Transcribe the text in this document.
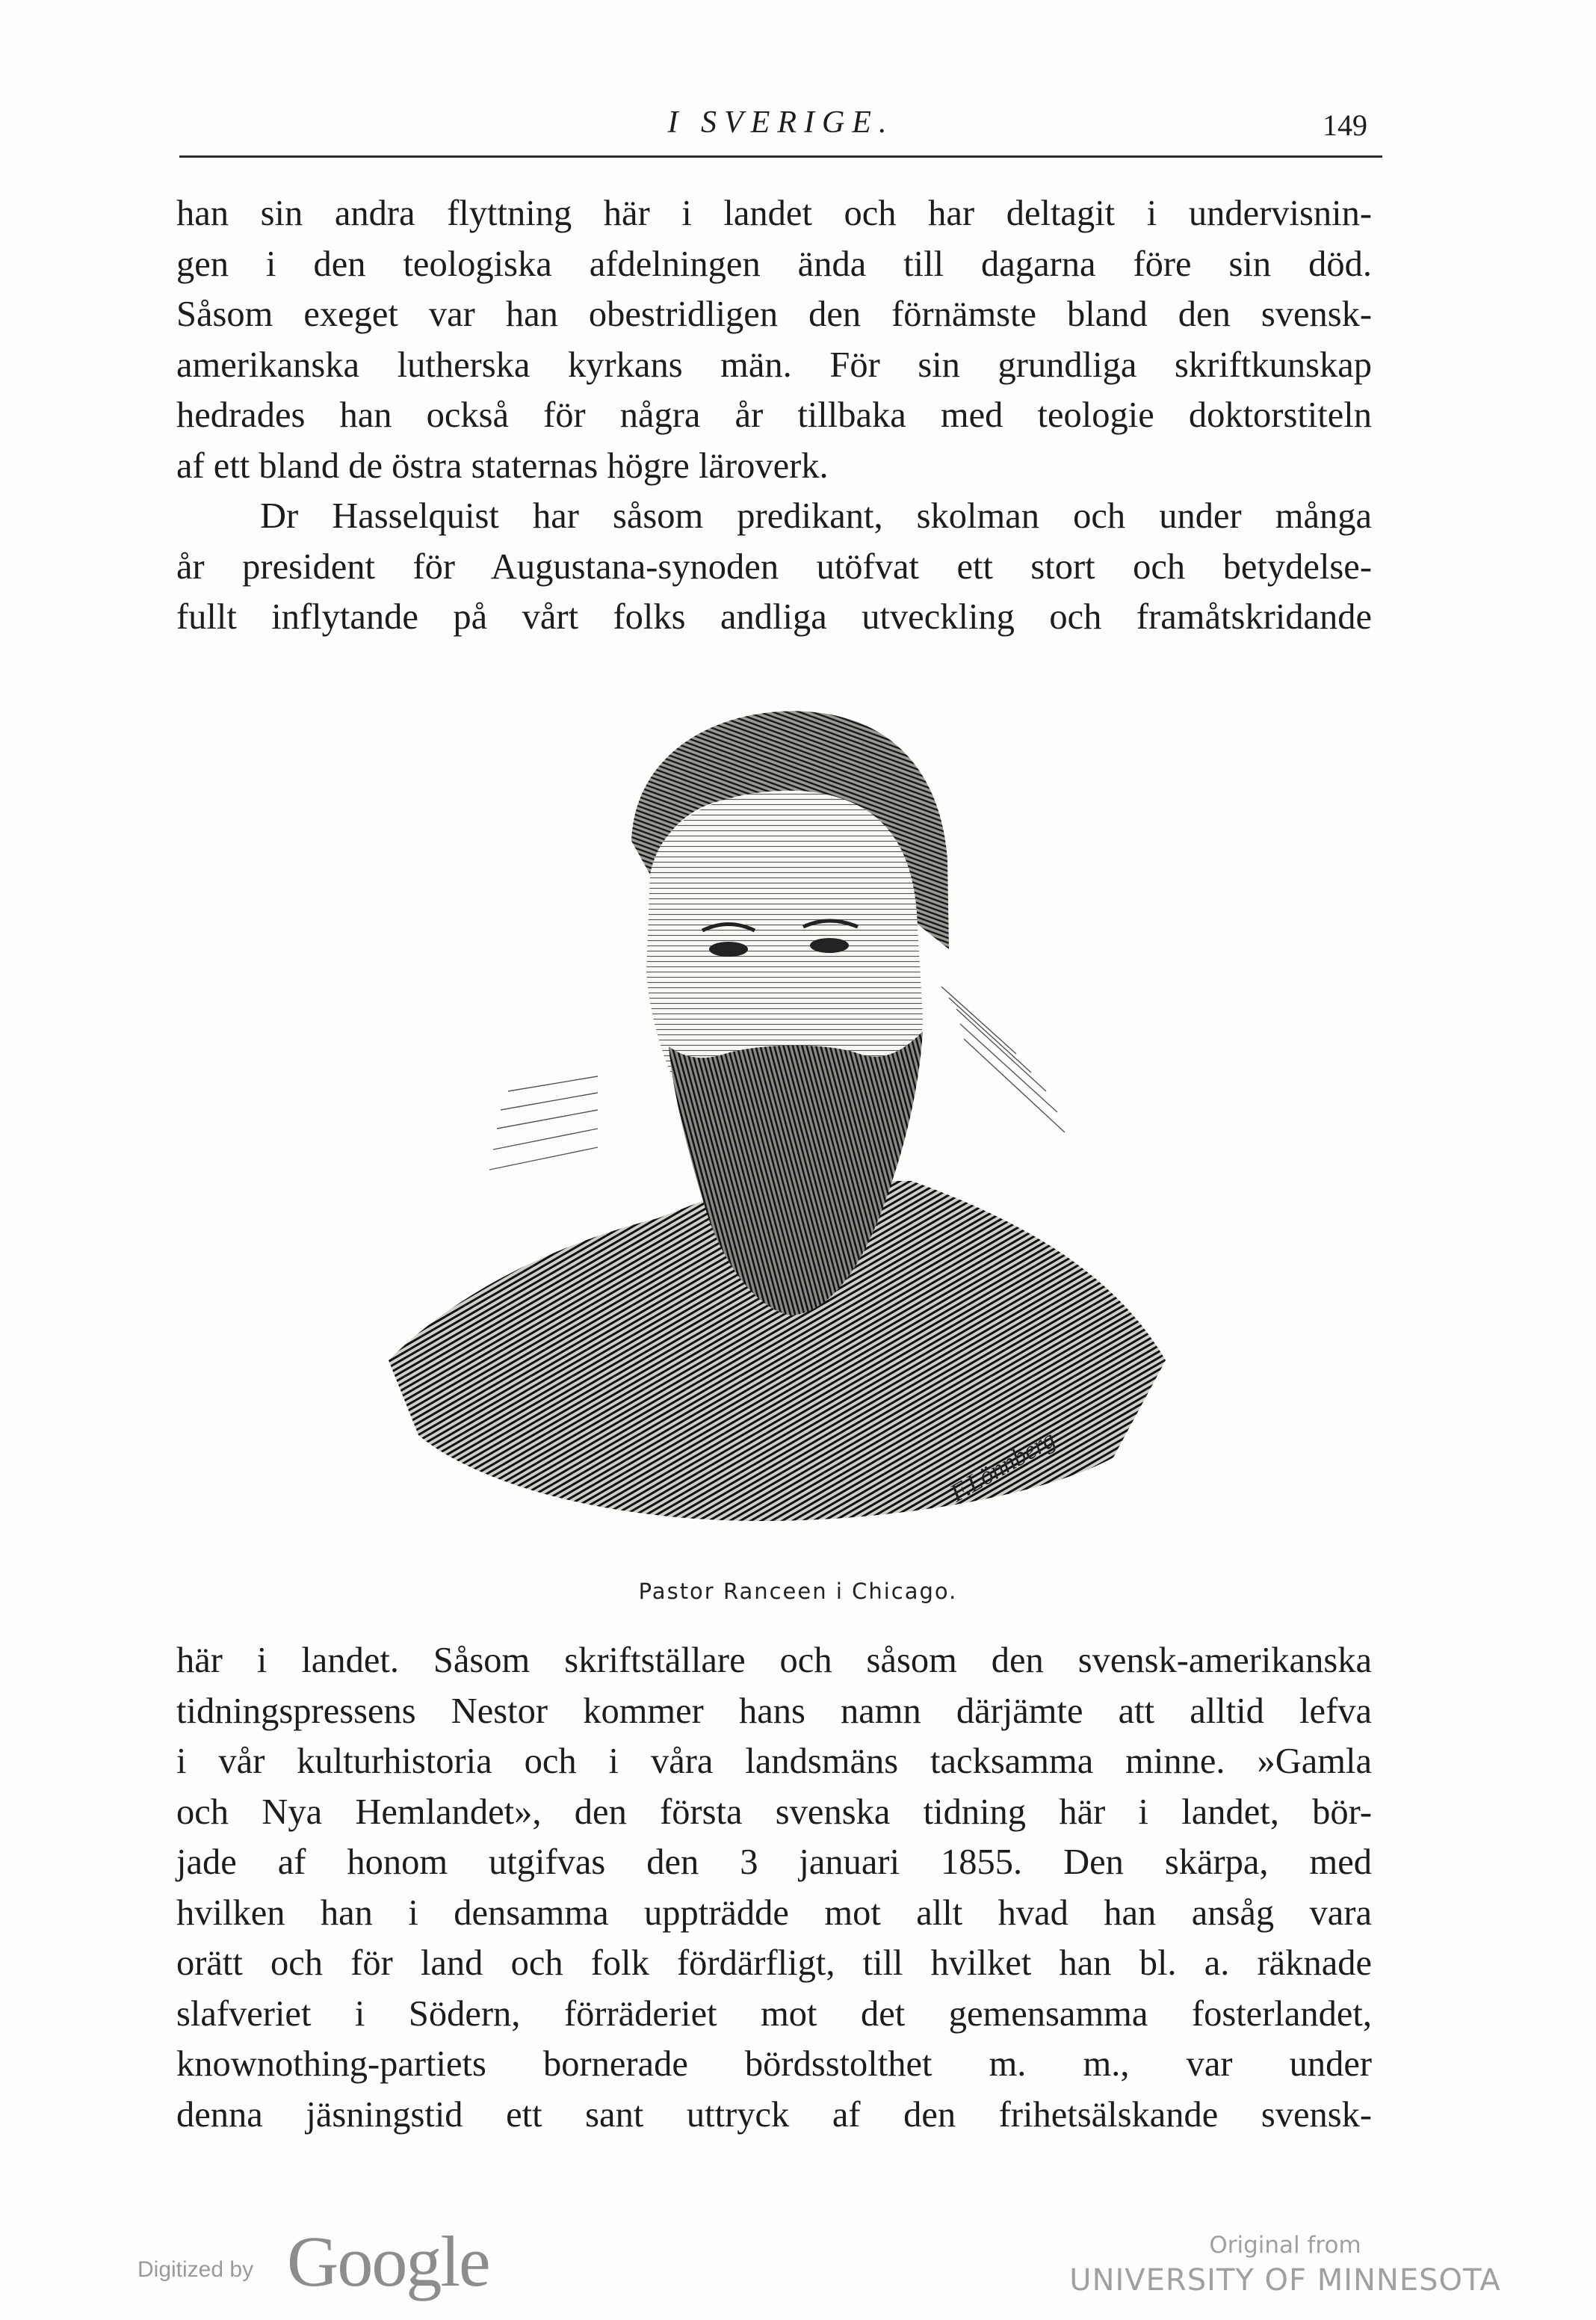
I SVERIGE.	149
han sin andra flyttning här i landet och har deltagit i undervisnin-
gen i den teologiska afdelningen ända till dagarna före sin död.
Såsom exeget var han obestridligen den förnämste bland den svensk-
amerikanska lutherska kyrkans män. För sin grundliga skriftkunskap
hedrades han också för några år tillbaka med teologie doktorstiteln
af ett bland de östra staternas högre läroverk.
Dr Hasselquist har såsom predikant, skolman och under många
år president för Augustana-synoden utöfvat ett stort och betydelse-
fullt inflytande på vårt folks andliga utveckling och framåtskridande
F.Lönnberg
Pastor Ranceen i Chicago.
här i landet. Såsom skriftställare och såsom den svensk-amerikanska
tidningspressens Nestor kommer hans namn därjämte att alltid lefva
i vår kulturhistoria och i våra landsmäns tacksamma minne. »Gamla
och Nya Hemlandet», den första svenska tidning här i landet, bör-
jade af honom utgifvas den 3 januari 1855. Den skärpa, med
hvilken han i densamma uppträdde mot allt hvad han ansåg vara
orätt och för land och folk fördärfligt, till hvilket han bl. a. räknade
slafveriet i Södern, förräderiet mot det gemensamma fosterlandet,
knownothing-partiets bornerade bördsstolthet m. m., var under
denna jäsningstid ett sant uttryck af den frihetsälskande svensk-
Digitized by Google	Original from
UNIVERSITY OF MINNESOTA
